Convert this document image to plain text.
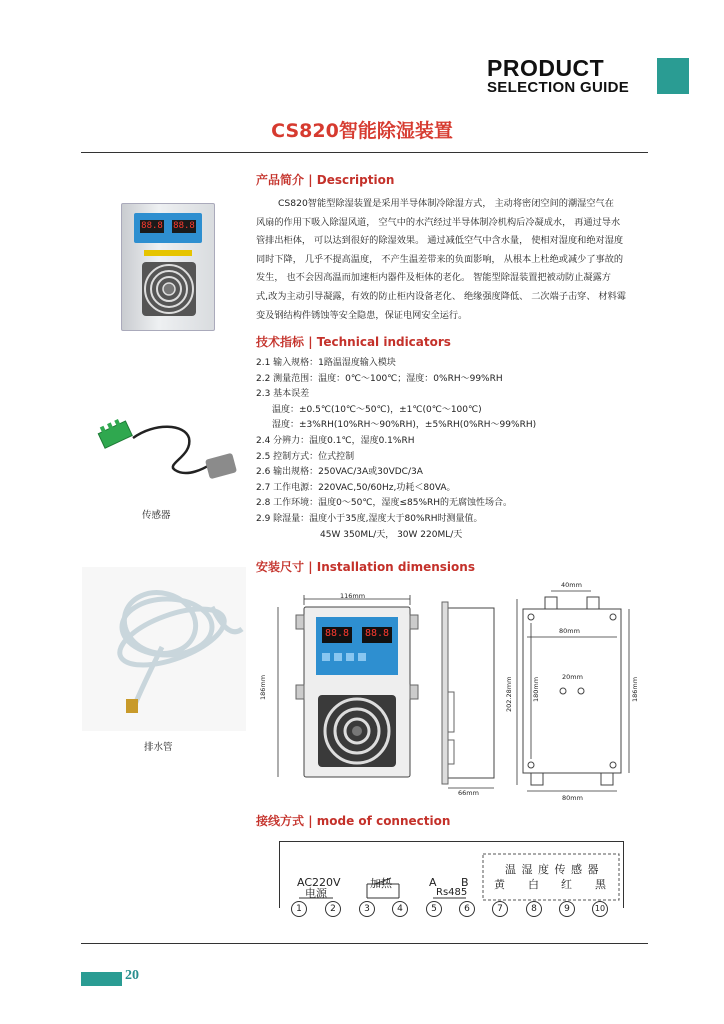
PRODUCT
SELECTION GUIDE
CS820智能除湿装置
产品简介 | Description
CS820智能型除湿装置是采用半导体制冷除湿方式， 主动将密闭空间的潮湿空气在
风扇的作用下吸入除湿风道， 空气中的水汽经过半导体制冷机构后冷凝成水， 再通过导水
管排出柜体， 可以达到很好的除湿效果。 通过减低空气中含水量， 使相对湿度和绝对湿度
同时下降， 几乎不提高温度， 不产生温差带来的负面影响， 从根本上杜绝或减少了事故的
发生， 也不会因高温而加速柜内器件及柜体的老化。 智能型除湿装置把被动防止凝露方
式,改为主动引导凝露，有效的防止柜内设备老化、 绝缘强度降低、 二次端子击穿、 材料霉
变及钢结构件锈蚀等安全隐患，保证电网安全运行。
88.8 88.8
技术指标 | Technical indicators
2.1 输入规格：1路温湿度输入模块
2.2 测量范围：温度：0℃～100℃；湿度：0%RH～99%RH
2.3 基本误差
温度：±0.5℃(10℃～50℃)，±1℃(0℃～100℃)
湿度：±3%RH(10%RH～90%RH)，±5%RH(0%RH～99%RH)
2.4 分辨力：温度0.1℃，湿度0.1%RH
2.5 控制方式：位式控制
2.6 输出规格：250VAC/3A或30VDC/3A
2.7 工作电源：220VAC,50/60Hz,功耗＜80VA。
2.8 工作环境：温度0～50℃，湿度≤85%RH的无腐蚀性场合。
2.9 除湿量：温度小于35度,湿度大于80%RH时测量值。
45W 350ML/天， 30W 220ML/天
传感器
排水管
安装尺寸 | Installation dimensions
116mm
186mm
88.8 88.8
66mm
40mm
80mm
20mm
80mm
202.28mm	180mm	186mm
接线方式 | mode of connection
AC220V
电源
加热	A B
Rs485
温 湿 度 传 感 器
黄 白 红 黑
1	2	3	4	5	6	7	8	9	10
20
